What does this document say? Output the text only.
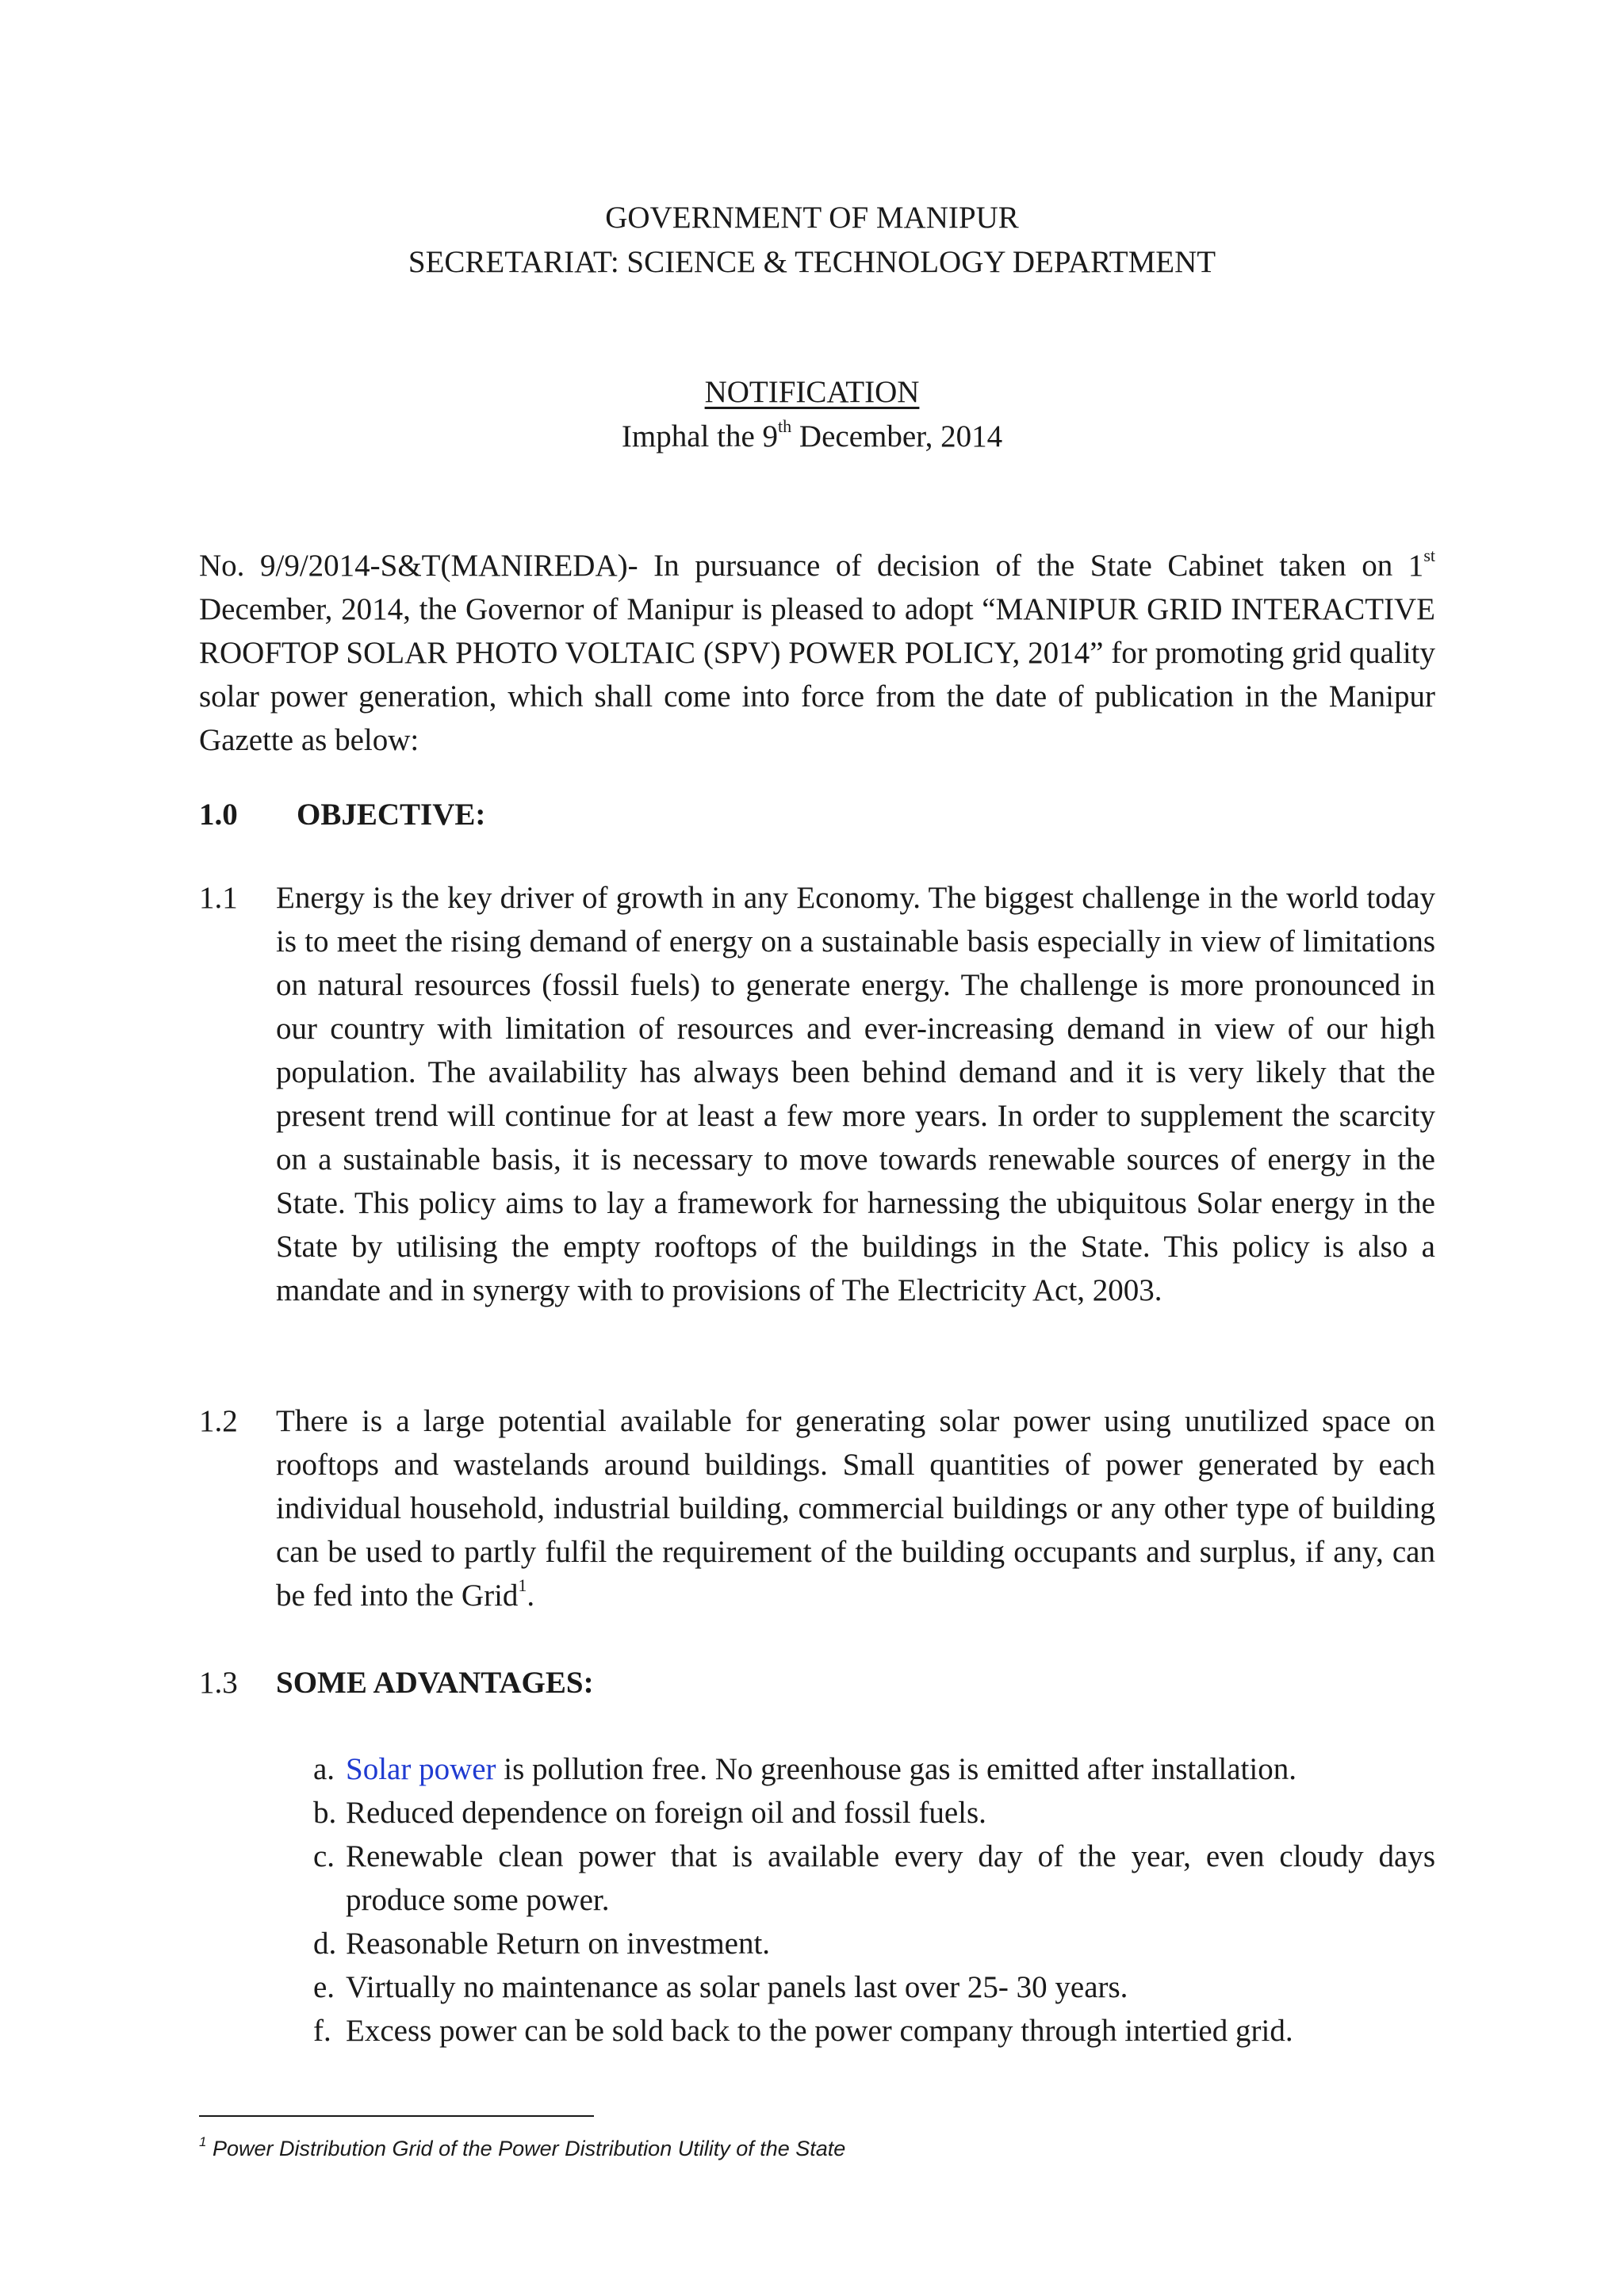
GOVERNMENT OF MANIPUR
SECRETARIAT: SCIENCE & TECHNOLOGY DEPARTMENT
NOTIFICATION
Imphal the 9th December, 2014
No. 9/9/2014-S&T(MANIREDA)- In pursuance of decision of the State Cabinet taken on 1st December, 2014, the Governor of Manipur is pleased to adopt “MANIPUR GRID INTERACTIVE ROOFTOP SOLAR PHOTO VOLTAIC (SPV) POWER POLICY, 2014” for promoting grid quality solar power generation, which shall come into force from the date of publication in the Manipur Gazette as below:
1.0 OBJECTIVE:
1.1 Energy is the key driver of growth in any Economy. The biggest challenge in the world today is to meet the rising demand of energy on a sustainable basis especially in view of limitations on natural resources (fossil fuels) to generate energy. The challenge is more pronounced in our country with limitation of resources and ever-increasing demand in view of our high population. The availability has always been behind demand and it is very likely that the present trend will continue for at least a few more years. In order to supplement the scarcity on a sustainable basis, it is necessary to move towards renewable sources of energy in the State. This policy aims to lay a framework for harnessing the ubiquitous Solar energy in the State by utilising the empty rooftops of the buildings in the State. This policy is also a mandate and in synergy with to provisions of The Electricity Act, 2003.
1.2 There is a large potential available for generating solar power using unutilized space on rooftops and wastelands around buildings. Small quantities of power generated by each individual household, industrial building, commercial buildings or any other type of building can be used to partly fulfil the requirement of the building occupants and surplus, if any, can be fed into the Grid$^1$.
1.3 SOME ADVANTAGES:
a. Solar power is pollution free. No greenhouse gas is emitted after installation.
b. Reduced dependence on foreign oil and fossil fuels.
c. Renewable clean power that is available every day of the year, even cloudy days produce some power.
d. Reasonable Return on investment.
e. Virtually no maintenance as solar panels last over 25- 30 years.
f. Excess power can be sold back to the power company through intertied grid.
$^1$ Power Distribution Grid of the Power Distribution Utility of the State
